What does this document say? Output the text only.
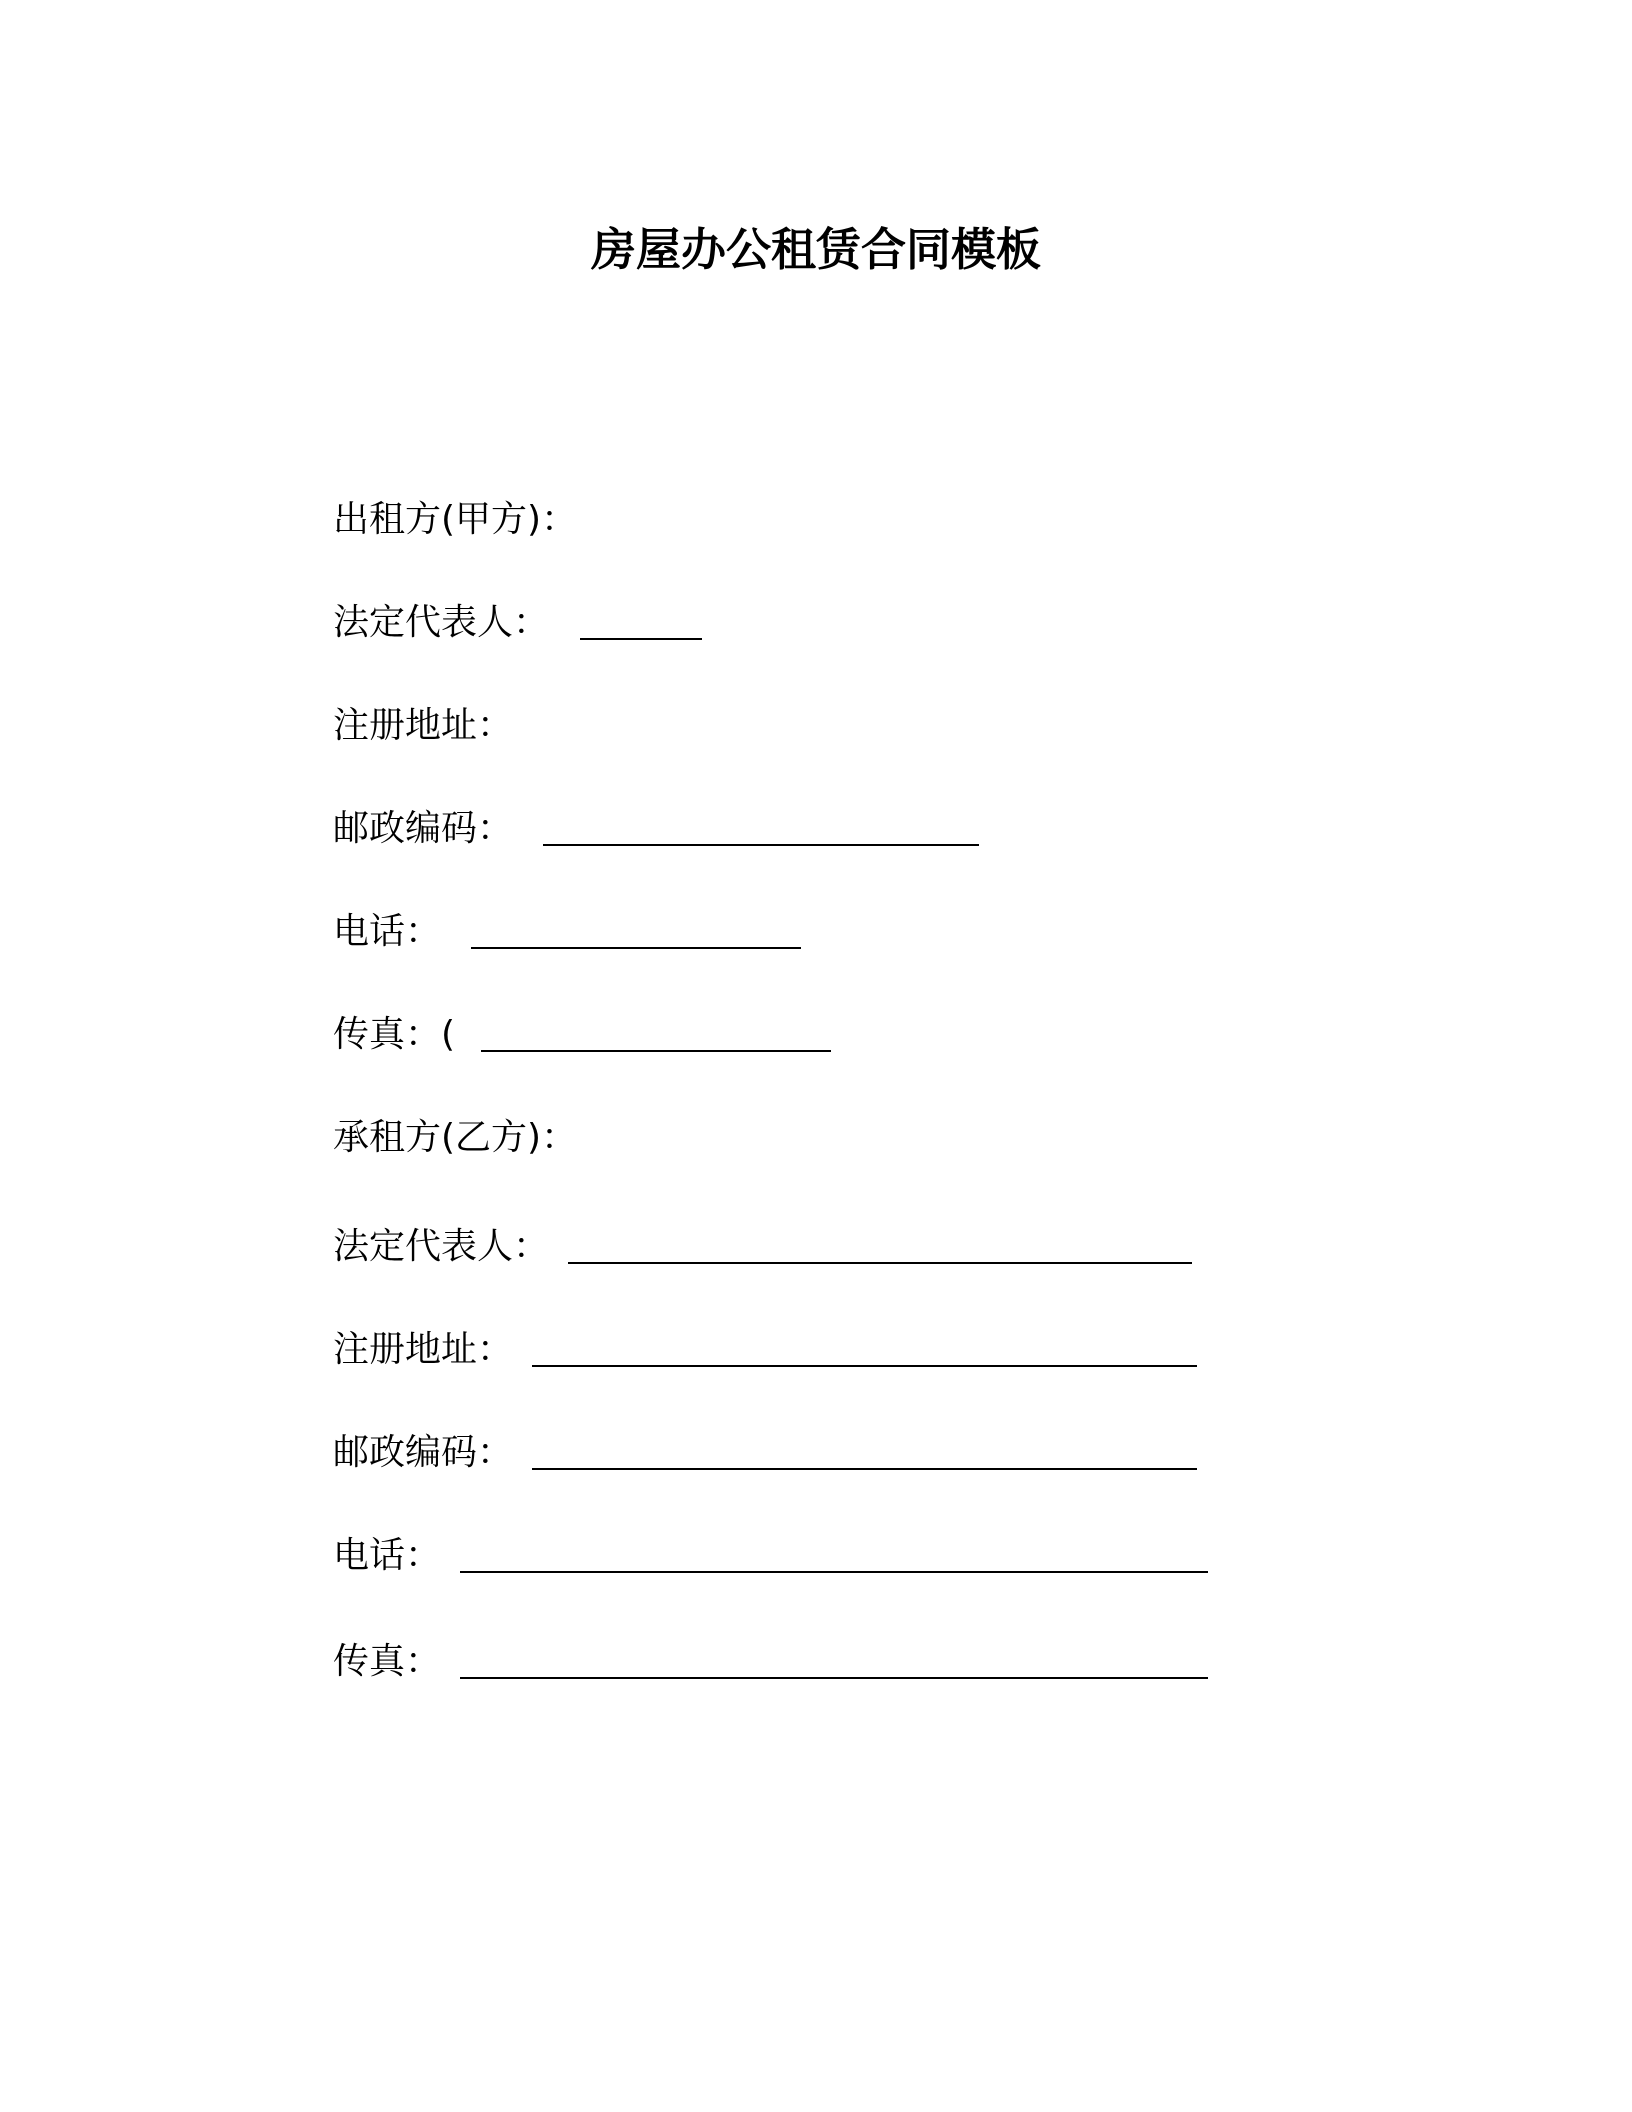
房屋办公租赁合同模板
出租方(甲方)：
法定代表人：
注册地址：
邮政编码：
电话：
传真：(
承租方(乙方)：
法定代表人：
注册地址：
邮政编码：
电话：
传真：
